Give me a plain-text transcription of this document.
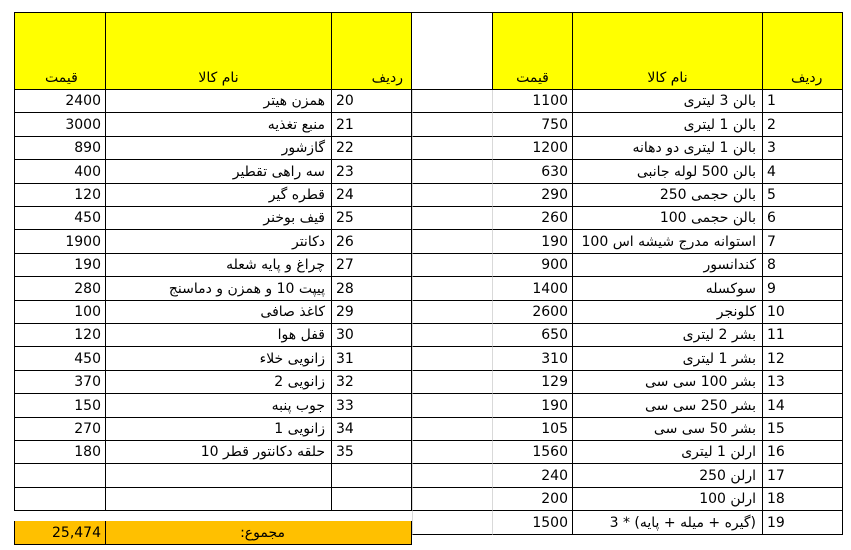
قیمت	نام کالا	ردیف	قیمت	نام کالا	ردیف
1100	بالن 3 لیتری 1
750	بالن 1 لیتری 2
1200	بالن 1 لیتری دو دهانه 3
630	بالن 500 لوله جانبی 4
290	بالن حجمی 250 5
260	بالن حجمی 100 6
190 استوانه مدرج شیشه اس 100 7
900	کندانسور 8
1400	سوکسله 9
2600	کلونجر 10
650	بشر 2 لیتری 11
310	بشر 1 لیتری 12
129	بشر 100 سی سی 13
190	بشر 250 سی سی 14
105	بشر 50 سی سی 15
1560	ارلن 1 لیتری 16
240	ارلن 250 17
200	ارلن 100 18
1500	(گیره + میله + پایه) * 3 19
2400	همزن هیتر 20
3000	منبع تغذیه 21
890	گازشور 22
400	سه راهی تقطیر 23
120	قطره گیر 24
450	قیف بوخنر 25
1900	دکانتر 26
190	چراغ و پایه شعله 27
280	پیپت 10 و همزن و دماسنج 28
100	کاغذ صافی 29
120	قفل هوا 30
450	زانویی خلاء 31
370	زانویی 2 32
150	جوب پنبه 33
270	زانویی 1 34
180	حلقه دکانتور قطر 10 35
25,474	مجموع:
